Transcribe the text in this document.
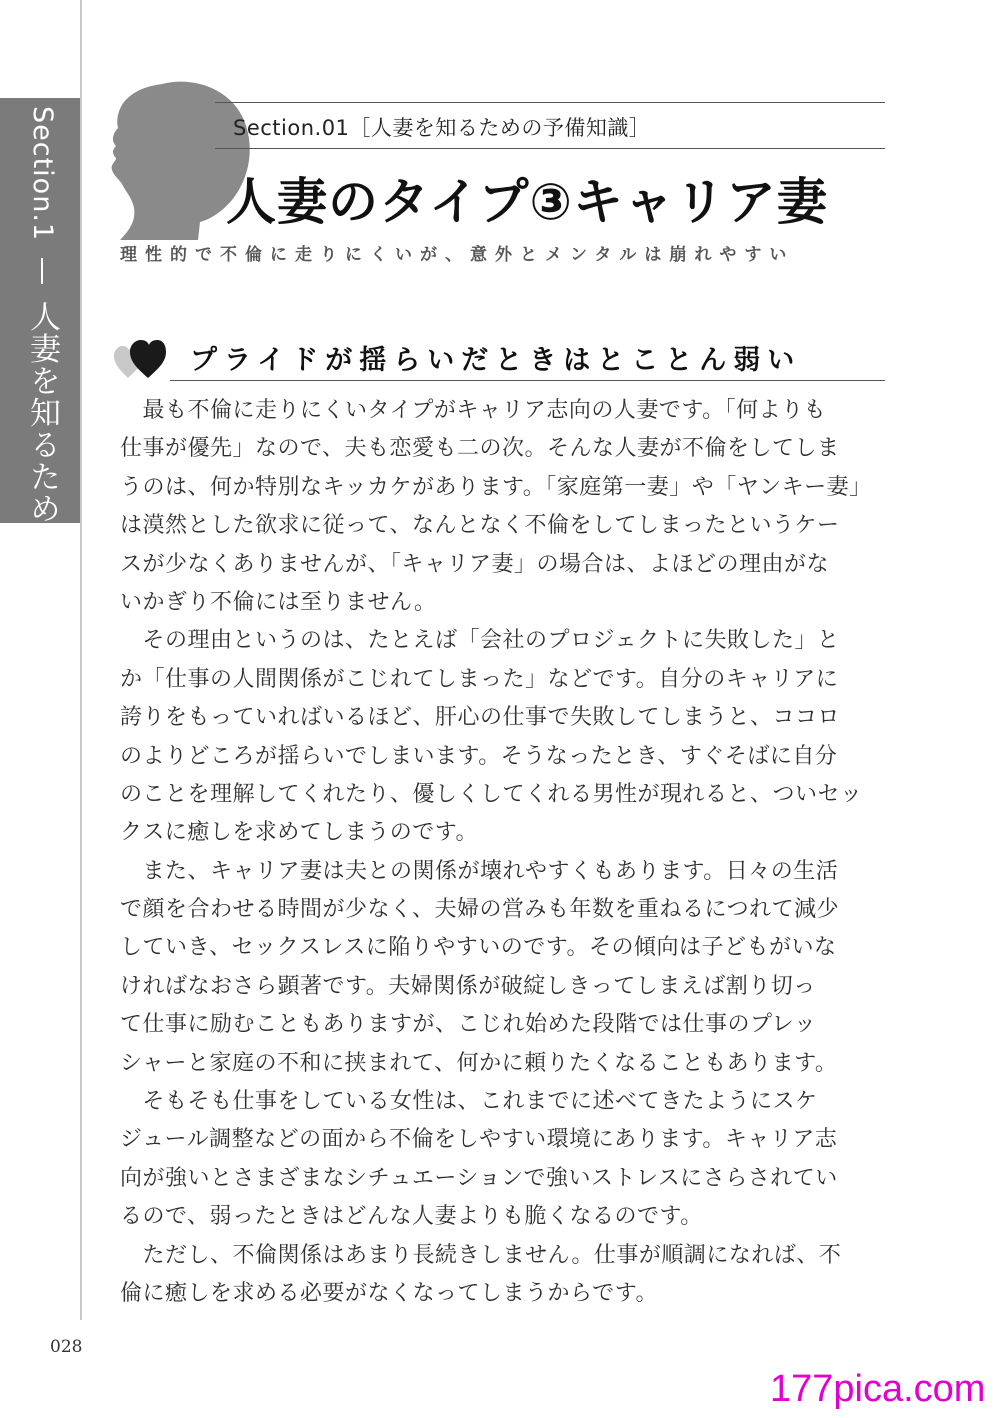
Section.1  人妻を知るための予備知識
Section.01［人妻を知るための予備知識］
人妻のタイプ③キャリア妻
理性的で不倫に走りにくいが、意外とメンタルは崩れやすい
プライドが揺らいだときはとことん弱い
　最も不倫に走りにくいタイプがキャリア志向の人妻です。「何よりも
仕事が優先」なので、夫も恋愛も二の次。そんな人妻が不倫をしてしま
うのは、何か特別なキッカケがあります。「家庭第一妻」や「ヤンキー妻」
は漠然とした欲求に従って、なんとなく不倫をしてしまったというケー
スが少なくありませんが、「キャリア妻」の場合は、よほどの理由がな
いかぎり不倫には至りません。
　その理由というのは、たとえば「会社のプロジェクトに失敗した」と
か「仕事の人間関係がこじれてしまった」などです。自分のキャリアに
誇りをもっていればいるほど、肝心の仕事で失敗してしまうと、ココロ
のよりどころが揺らいでしまいます。そうなったとき、すぐそばに自分
のことを理解してくれたり、優しくしてくれる男性が現れると、ついセッ
クスに癒しを求めてしまうのです。
　また、キャリア妻は夫との関係が壊れやすくもあります。日々の生活
で顔を合わせる時間が少なく、夫婦の営みも年数を重ねるにつれて減少
していき、セックスレスに陥りやすいのです。その傾向は子どもがいな
ければなおさら顕著です。夫婦関係が破綻しきってしまえば割り切っ
て仕事に励むこともありますが、こじれ始めた段階では仕事のプレッ
シャーと家庭の不和に挟まれて、何かに頼りたくなることもあります。
　そもそも仕事をしている女性は、これまでに述べてきたようにスケ
ジュール調整などの面から不倫をしやすい環境にあります。キャリア志
向が強いとさまざまなシチュエーションで強いストレスにさらされてい
るので、弱ったときはどんな人妻よりも脆くなるのです。
　ただし、不倫関係はあまり長続きしません。仕事が順調になれば、不
倫に癒しを求める必要がなくなってしまうからです。
028
177pica.com
